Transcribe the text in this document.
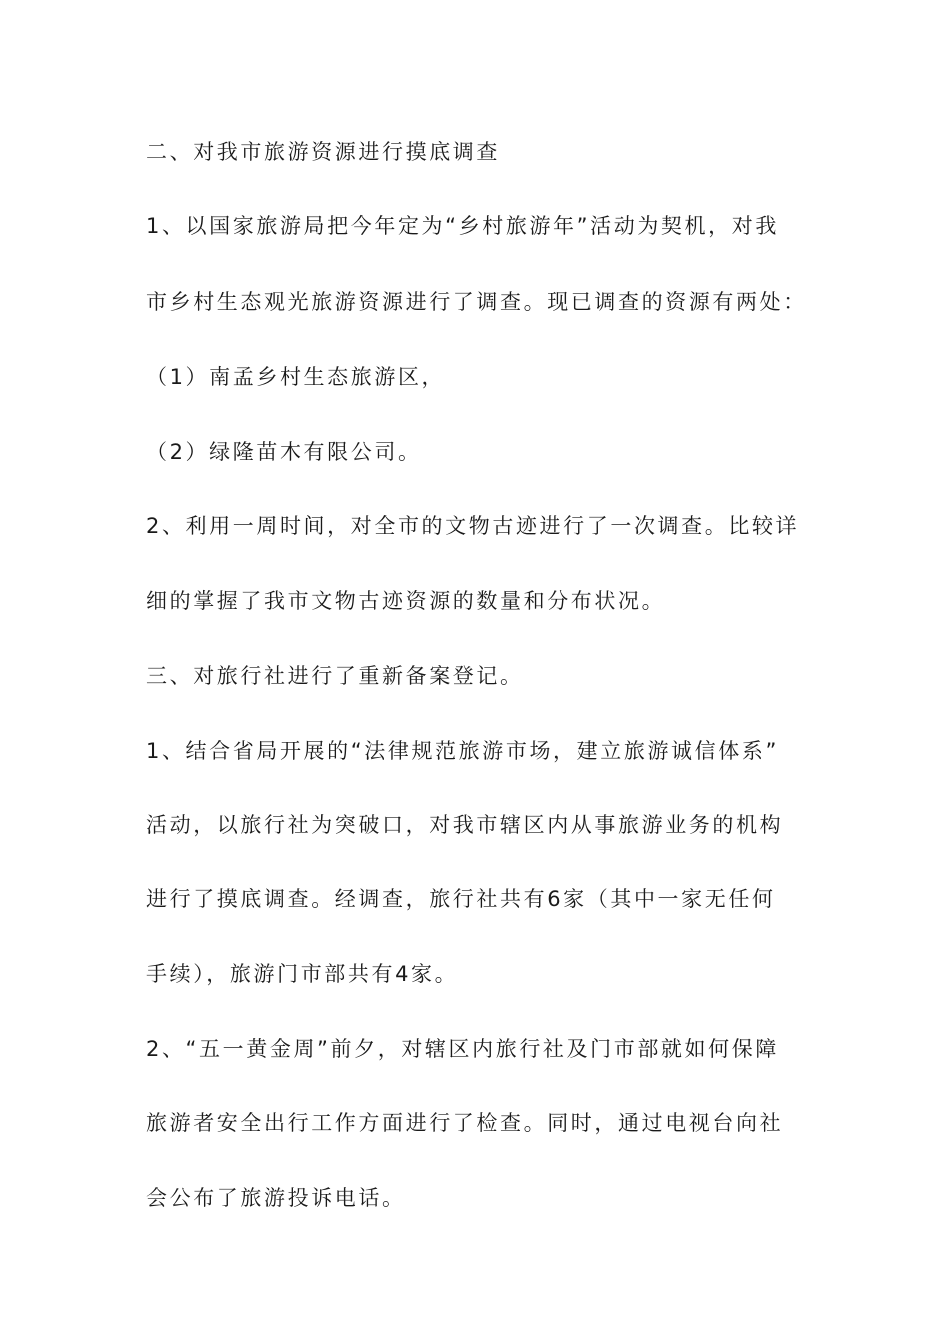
二、对我市旅游资源进行摸底调查
1、以国家旅游局把今年定为“乡村旅游年”活动为契机，对我
市乡村生态观光旅游资源进行了调查。现已调查的资源有两处：
（1）南孟乡村生态旅游区，
（2）绿隆苗木有限公司。
2、利用一周时间，对全市的文物古迹进行了一次调查。比较详
细的掌握了我市文物古迹资源的数量和分布状况。
三、对旅行社进行了重新备案登记。
1、结合省局开展的“法律规范旅游市场，建立旅游诚信体系”
活动，以旅行社为突破口，对我市辖区内从事旅游业务的机构
进行了摸底调查。经调查，旅行社共有6家（其中一家无任何
手续），旅游门市部共有4家。
2、“五一黄金周”前夕，对辖区内旅行社及门市部就如何保障
旅游者安全出行工作方面进行了检查。同时，通过电视台向社
会公布了旅游投诉电话。
